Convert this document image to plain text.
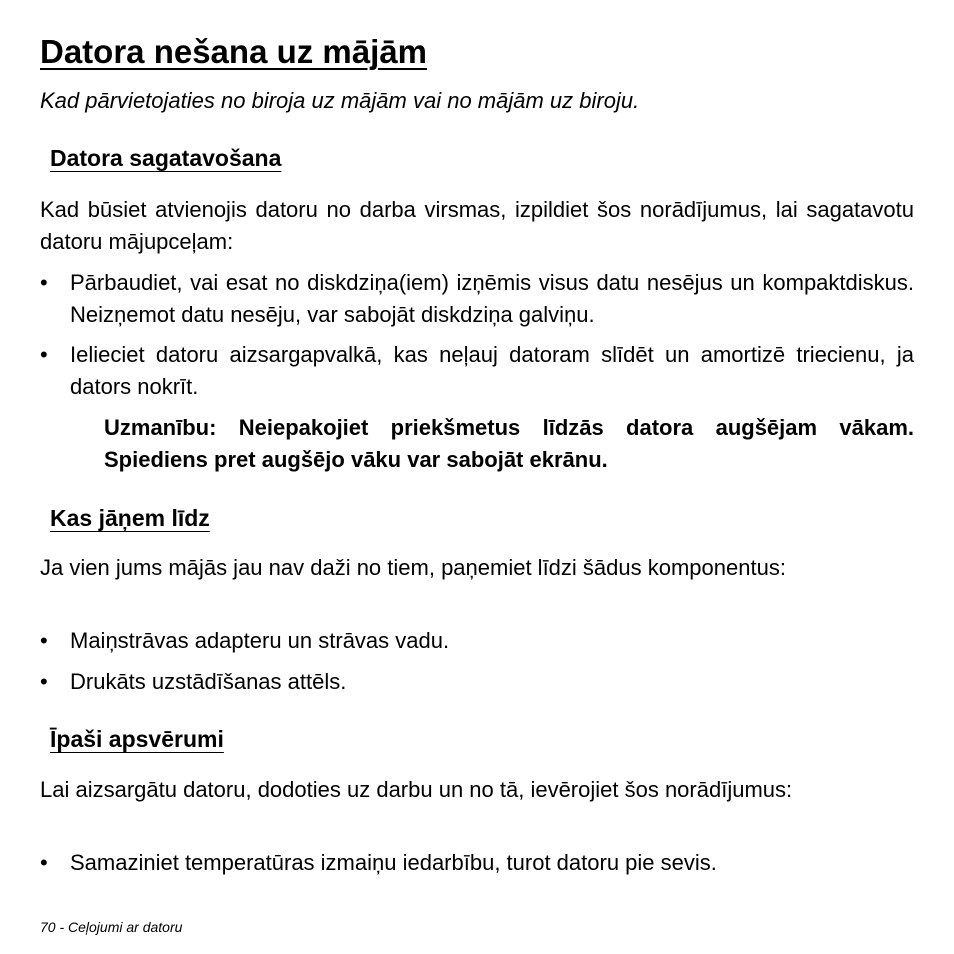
Datora nešana uz mājām

Kad pārvietojaties no biroja uz mājām vai no mājām uz biroju.

Datora sagatavošana

Kad būsiet atvienojis datoru no darba virsmas, izpildiet šos norādījumus, lai sagatavotu datoru mājupceļam:

•	Pārbaudiet, vai esat no diskdziņa(iem) izņēmis visus datu nesējus un kompaktdiskus. Neizņemot datu nesēju, var sabojāt diskdziņa galviņu.
•	Ielieciet datoru aizsargapvalkā, kas neļauj datoram slīdēt un amortizē triecienu, ja dators nokrīt.

Uzmanību: Neiepakojiet priekšmetus līdzās datora augšējam vākam. Spiediens pret augšējo vāku var sabojāt ekrānu.

Kas jāņem līdz

Ja vien jums mājās jau nav daži no tiem, paņemiet līdzi šādus komponentus:

•	Maiņstrāvas adapteru un strāvas vadu.
•	Drukāts uzstādīšanas attēls.
Īpaši apsvērumi

Lai aizsargātu datoru, dodoties uz darbu un no tā, ievērojiet šos norādījumus:

•	Samaziniet temperatūras izmaiņu iedarbību, turot datoru pie sevis.
70 - Ceļojumi ar datoru
